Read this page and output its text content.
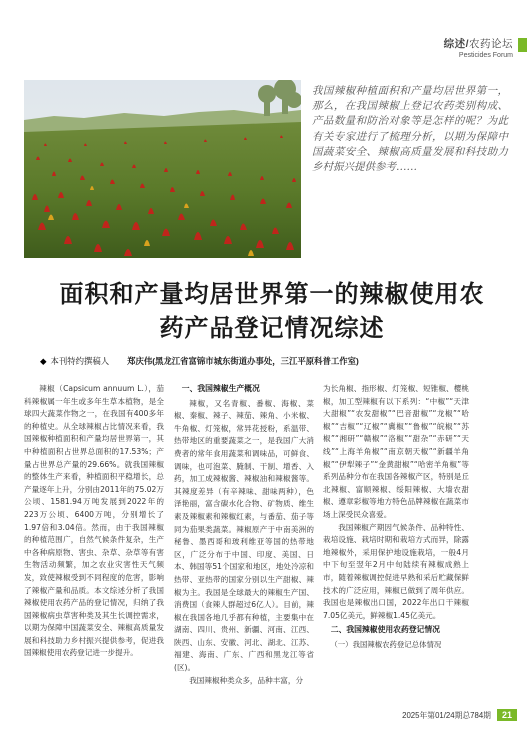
综述/农药论坛
Pesticides Forum
我国辣椒种植面积和产量均居世界第一，那么，在我国辣椒上登记农药类别构成、产品数量和防治对象等是怎样的呢？为此有关专家进行了梳理分析，以期为保障中国蔬菜安全、辣椒高质量发展和科技助力乡村振兴提供参考……
面积和产量均居世界第一的辣椒使用农药产品登记情况综述
◆ 本刊特约撰稿人 郑庆伟(黑龙江省富锦市城东街道办事处，三江平原科普工作室)

辣椒（Capsicum annuum L.），茄科辣椒属一年生或多年生草本植物，是全球四大蔬菜作物之一，在我国有400多年的种植史。从全球辣椒占比情况来看，我国辣椒种植面积和产量均居世界第一，其中种植面积占世界总面积的17.53%；产量占世界总产量的29.66%。就我国辣椒的整体生产来看，种植面积平稳增长，总产量逐年上升，分别由2011年的75.02万公顷、1581.94万吨发展到2022年的223万公顷、6400万吨，分别增长了1.97倍和3.04倍。然而，由于我国辣椒的种植范围广，自然气候条件复杂，生产中各种病原物、害虫、杂草、杂草等有害生物活动频繁，加之农业灾害性天气频发，致使辣椒受到不同程度的危害，影响了辣椒产量和品质。本文综述分析了我国辣椒使用农药产品的登记情况，归纳了我国辣椒病虫草害种类及其生长调控需求，以期为保障中国蔬菜安全、辣椒高质量发展和科技助力乡村振兴提供参考，促进我国辣椒使用农药登记进一步提升。

一、我国辣椒生产概况

辣椒，又名青椒、番椒、海椒、菜椒、秦椒、辣子、辣茄、辣角、小米椒、牛角椒、灯笼椒，常异花授粉，系温带、热带地区的重要蔬菜之一，是我国广大消费者的常年食用蔬菜和调味品，可鲜食、调味，也可泡菜、腌制、干制、增香、入药，加工成辣椒酱、辣椒油和辣椒酱等。其辣度差异（有辛辣味、甜味两种），色泽艳丽，富含碳水化合物、矿物质、维生素及辣椒素和辣椒红素，与番茄、茄子等同为茄果类蔬菜。辣椒原产于中南美洲的秘鲁、墨西哥和玻利维亚等国的热带地区，广泛分布于中国、印度、美国、日本、韩国等51个国家和地区，地处冷凉和热带、亚热带的国家分别以生产甜椒、辣椒为主。我国是全球最大的辣椒生产国、消费国（食辣人群超过6亿人）。目前，辣椒在我国各地几乎都有种植，主要集中在湖南、四川、贵州、新疆、河南、江西、陕西、山东、安徽、河北、湖北、江苏、福建、海南、广东、广西和黑龙江等省(区)。

我国辣椒种类众多，品种丰富，分

为长角椒、指形椒、灯笼椒、短锥椒、樱桃椒，加工型辣椒有以下系列：“中椒”“天津大甜椒”“农发甜椒”“巴音甜椒”“龙椒”“哈椒”“吉椒”“辽椒”“冀椒”“鲁椒”“皖椒”“苏椒”“湘研”“赣椒”“洛椒”“甜杂”“赤研”“天线”“上海羊角椒”“南京朝天椒”“新疆羊角椒”“伊犁辣子”“金黄甜椒”“哈密羊角椒”等系列品种分布在我国各辣椒产区，特别是丘北辣椒、富顺辣椒、绥阳辣椒、大墙农甜椒、遵章彩椒等地方特色品牌辣椒在蔬菜市场上深受民众喜爱。

我国辣椒产期因气候条件、品种特性、栽培设施、栽培时期和栽培方式而异，除露地辣椒外，采用保护地设施栽培，一般4月中下旬至翌年2月中旬陆续有辣椒成熟上市，随着辣椒调控促进早熟和采后贮藏保鲜技术的广泛应用，辣椒已做到了周年供应。我国也是辣椒出口国，2022年出口干辣椒7.05亿美元，鲜辣椒1.45亿美元。

二、我国辣椒使用农药登记情况
（一）我国辣椒农药登记总体情况
2025年第01/24期总784期	21
